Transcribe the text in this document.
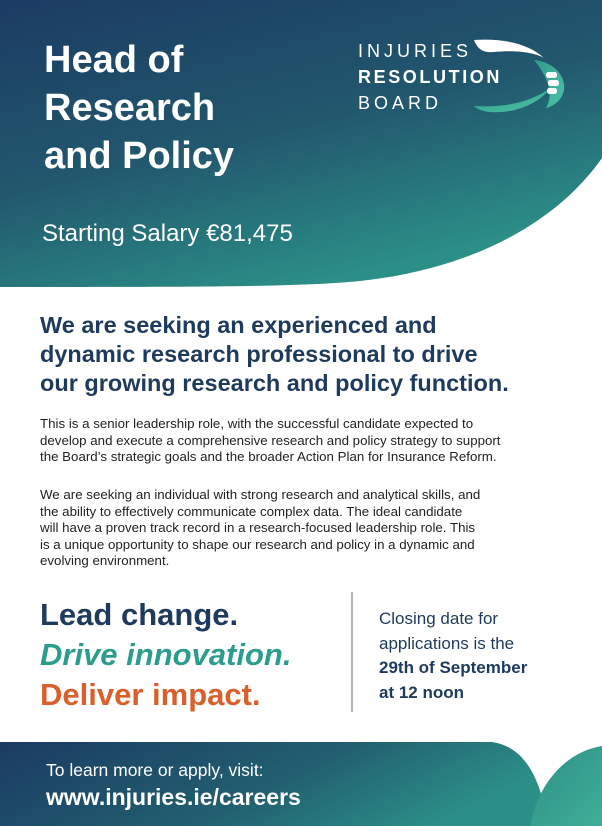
Head of
Research
and Policy
Starting Salary €81,475
INJURIES
RESOLUTION
BOARD
We are seeking an experienced and
dynamic research professional to drive
our growing research and policy function.

This is a senior leadership role, with the successful candidate expected to
develop and execute a comprehensive research and policy strategy to support
the Board’s strategic goals and the broader Action Plan for Insurance Reform.

We are seeking an individual with strong research and analytical skills, and
the ability to effectively communicate complex data. The ideal candidate
will have a proven track record in a research-focused leadership role. This
is a unique opportunity to shape our research and policy in a dynamic and
evolving environment.

Lead change.
Drive innovation.
Deliver impact.
Closing date for
applications is the
29th of September
at 12 noon
To learn more or apply, visit:
www.injuries.ie/careers
